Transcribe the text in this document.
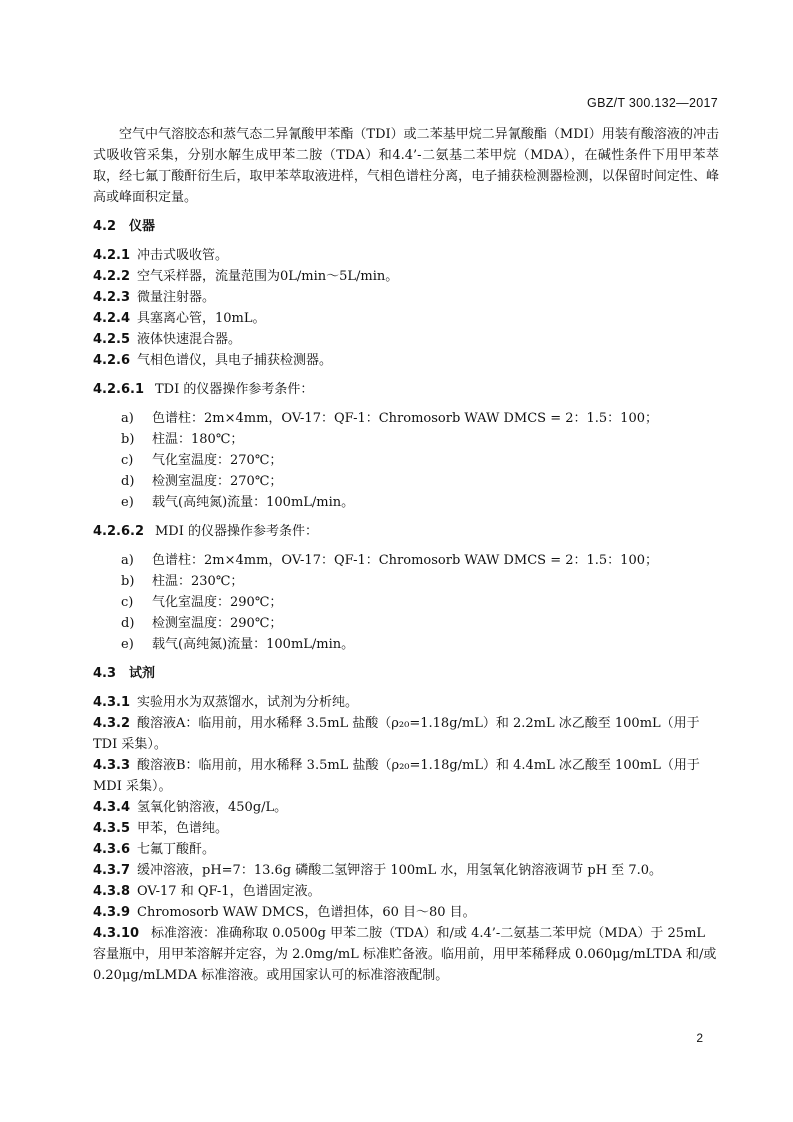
GBZ/T 300.132—2017

空气中气溶胶态和蒸气态二异氰酸甲苯酯（TDI）或二苯基甲烷二异氰酸酯（MDI）用装有酸溶液的冲击式吸收管采集，分别水解生成甲苯二胺（TDA）和4.4’-二氨基二苯甲烷（MDA），在碱性条件下用甲苯萃取，经七氟丁酸酐衍生后，取甲苯萃取液进样，气相色谱柱分离，电子捕获检测器检测，以保留时间定性、峰高或峰面积定量。

4.2 仪器

4.2.1 冲击式吸收管。

4.2.2 空气采样器，流量范围为0L/min～5L/min。

4.2.3 微量注射器。

4.2.4 具塞离心管，10mL。

4.2.5 液体快速混合器。

4.2.6 气相色谱仪，具电子捕获检测器。

4.2.6.1 TDI 的仪器操作参考条件：

a) 色谱柱：2m×4mm，OV-17：QF-1：Chromosorb WAW DMCS = 2：1.5：100；

b) 柱温：180℃；

c) 气化室温度：270℃；

d) 检测室温度：270℃；

e) 载气(高纯氮)流量：100mL/min。

4.2.6.2 MDI 的仪器操作参考条件：

a) 色谱柱：2m×4mm，OV-17：QF-1：Chromosorb WAW DMCS = 2：1.5：100；

b) 柱温：230℃；

c) 气化室温度：290℃；

d) 检测室温度：290℃；

e) 载气(高纯氮)流量：100mL/min。

4.3 试剂

4.3.1 实验用水为双蒸馏水，试剂为分析纯。

4.3.2 酸溶液A：临用前，用水稀释 3.5mL 盐酸（ρ₂₀=1.18g/mL）和 2.2mL 冰乙酸至 100mL（用于 TDI 采集）。

4.3.3 酸溶液B：临用前，用水稀释 3.5mL 盐酸（ρ₂₀=1.18g/mL）和 4.4mL 冰乙酸至 100mL（用于 MDI 采集）。

4.3.4 氢氧化钠溶液，450g/L。

4.3.5 甲苯，色谱纯。

4.3.6 七氟丁酸酐。

4.3.7 缓冲溶液，pH=7：13.6g 磷酸二氢钾溶于 100mL 水，用氢氧化钠溶液调节 pH 至 7.0。

4.3.8 OV-17 和 QF-1，色谱固定液。

4.3.9 Chromosorb WAW DMCS，色谱担体，60 目～80 目。

4.3.10 标准溶液：准确称取 0.0500g 甲苯二胺（TDA）和/或 4.4’-二氨基二苯甲烷（MDA）于 25mL 容量瓶中，用甲苯溶解并定容，为 2.0mg/mL 标准贮备液。临用前，用甲苯稀释成 0.060μg/mLTDA 和/或 0.20μg/mLMDA 标准溶液。或用国家认可的标准溶液配制。

2
